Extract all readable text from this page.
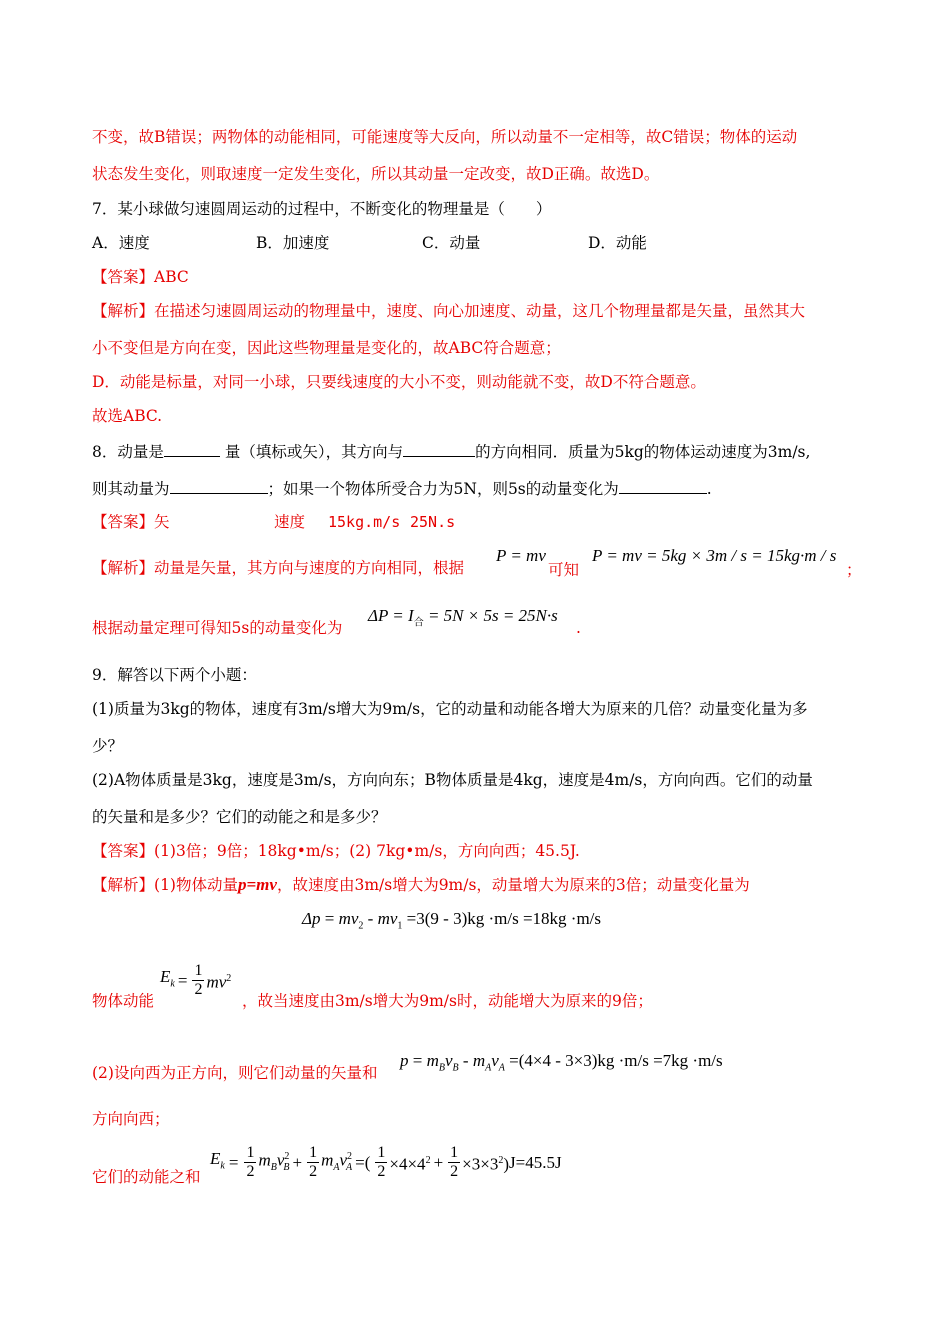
不变，故B错误；两物体的动能相同，可能速度等大反向，所以动量不一定相等，故C错误；物体的运动
状态发生变化，则取速度一定发生变化，所以其动量一定改变，故D正确。故选D。
7．某小球做匀速圆周运动的过程中，不断变化的物理量是（　　）
A．速度	B．加速度	C．动量	D．动能
【答案】ABC
【解析】在描述匀速圆周运动的物理量中，速度、向心加速度、动量，这几个物理量都是矢量，虽然其大
小不变但是方向在变，因此这些物理量是变化的，故ABC符合题意；
D．动能是标量，对同一小球，只要线速度的大小不变，则动能就不变，故D不符合题意。
故选ABC.
8．动量是	量（填标或矢），其方向与	的方向相同．质量为5kg的物体运动速度为3m/s,
则其动量为	；如果一个物体所受合力为5N，则5s的动量变化为	.
【答案】矢	速度 15kg.m/s 25N.s
【解析】动量是矢量，其方向与速度的方向相同，根据
P = mv
可知
P = mv = 5kg × 3m / s = 15kg·m / s
；
根据动量定理可得知5s的动量变化为
$\Delta P = I_合 = 5N \times 5s = 25N\cdot s$
.
9．解答以下两个小题：
(1)质量为3kg的物体，速度有3m/s增大为9m/s，它的动量和动能各增大为原来的几倍？动量变化量为多
少？
(2)A物体质量是3kg，速度是3m/s，方向向东；B物体质量是4kg，速度是4m/s，方向向西。它们的动量
的矢量和是多少？它们的动能之和是多少？
【答案】(1)3倍；9倍；18kg•m/s；(2) 7kg•m/s，方向向西；45.5J.
【解析】(1)物体动量p=mv，故速度由3m/s增大为9m/s，动量增大为原来的3倍；动量变化量为
$\Delta p = mv_2 - mv_1 =3(9 - 3)kg \cdot m/s =18kg \cdot m/s$
物体动能
$E_k = \frac{1}{2} mv^2$
，故当速度由3m/s增大为9m/s时，动能增大为原来的9倍；
(2)设向西为正方向，则它们动量的矢量和
$p = m_Bv_B - m_Av_A =(4\times 4 - 3\times 3)kg \cdot m/s =7kg \cdot m/s$
方向向西；
它们的动能之和
$E_k = \frac{1}{2} m_Bv^2_B + \frac{1}{2} m_Av^2_A$ =( $\frac{1}{2} \times 4\times 4^2 + \frac{1}{2} \times 3\times 3^2$) J=45.5J
